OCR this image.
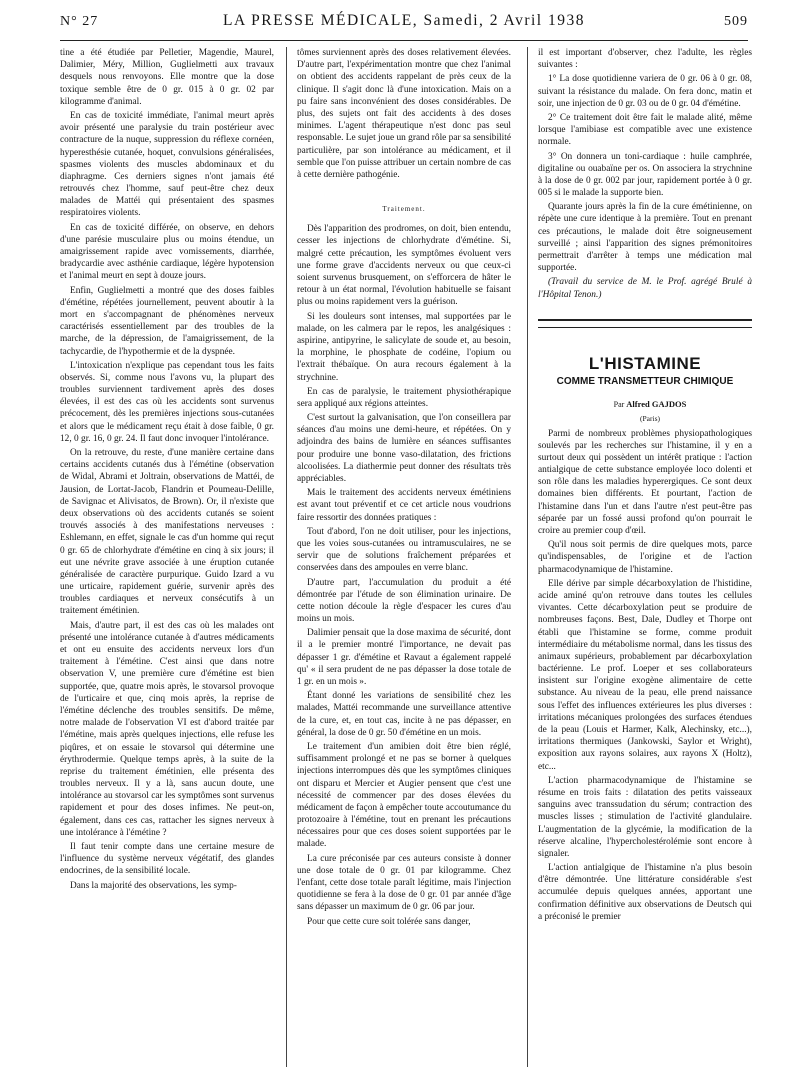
N° 27	LA PRESSE MÉDICALE, Samedi, 2 Avril 1938	509

tine a été étudiée par Pelletier, Magendie, Maurel, Dalimier, Méry, Million, Guglielmetti aux travaux desquels nous renvoyons. Elle montre que la dose toxique semble être de 0 gr. 015 à 0 gr. 02 par kilogramme d'animal.

En cas de toxicité immédiate, l'animal meurt après avoir présenté une paralysie du train postérieur avec contracture de la nuque, suppression du réflexe cornéen, hyperesthésie cutanée, hoquet, convulsions généralisées, spasmes violents des muscles abdominaux et du diaphragme. Ces derniers signes n'ont jamais été retrouvés chez l'homme, sauf peut-être chez deux malades de Mattéi qui présentaient des spasmes respiratoires violents.

En cas de toxicité différée, on observe, en dehors d'une parésie musculaire plus ou moins étendue, un amaigrissement rapide avec vomissements, diarrhée, bradycardie avec asthénie cardiaque, légère hypotension et l'animal meurt en sept à douze jours.

Enfin, Guglielmetti a montré que des doses faibles d'émétine, répétées journellement, peuvent aboutir à la mort en s'accompagnant de phénomènes nerveux caractérisés essentiellement par des troubles de la marche, de la dépression, de l'amaigrissement, de la tachycardie, de l'hypothermie et de la dyspnée.

L'intoxication n'explique pas cependant tous les faits observés. Si, comme nous l'avons vu, la plupart des troubles surviennent tardivement après des doses élevées, il est des cas où les accidents sont survenus précocement, dès les premières injections sous-cutanées et alors que le médicament reçu était à dose faible, 0 gr. 12, 0 gr. 16, 0 gr. 24. Il faut donc invoquer l'intolérance.

On la retrouve, du reste, d'une manière certaine dans certains accidents cutanés dus à l'émétine (observation de Widal, Abrami et Joltrain, observations de Mattéi, de Jausion, de Lortat-Jacob, Flandrin et Poumeau-Delille, de Savignac et Alivisatos, de Brown). Or, il n'existe que deux observations où des accidents cutanés se soient trouvés associés à des manifestations nerveuses : Eshlemann, en effet, signale le cas d'un homme qui reçut 0 gr. 65 de chlorhydrate d'émétine en cinq à six jours; il eut une névrite grave associée à une éruption cutanée généralisée de caractère purpurique. Guido Izard a vu une urticaire, rapidement guérie, survenir après des troubles cardiaques et nerveux consécutifs à un traitement émétinien.

Mais, d'autre part, il est des cas où les malades ont présenté une intolérance cutanée à d'autres médicaments et ont eu ensuite des accidents nerveux lors d'un traitement à l'émétine. C'est ainsi que dans notre observation V, une première cure d'émétine est bien supportée, que, quatre mois après, le stovarsol provoque de l'urticaire et que, cinq mois après, la reprise de l'émétine déclenche des troubles sensitifs. De même, notre malade de l'observation VI est d'abord traitée par l'émétine, mais après quelques injections, elle refuse les piqûres, et on essaie le stovarsol qui détermine une érythrodermie. Quelque temps après, à la suite de la reprise du traitement émétinien, elle présenta des troubles nerveux. Il y a là, sans aucun doute, une intolérance au stovarsol car les symptômes sont survenus rapidement et pour des doses infimes. Ne peut-on, également, dans ces cas, rattacher les signes nerveux à une intolérance à l'émétine ?

Il faut tenir compte dans une certaine mesure de l'influence du système nerveux végétatif, des glandes endocrines, de la sensibilité locale.

Dans la majorité des observations, les symp-

tômes surviennent après des doses relativement élevées. D'autre part, l'expérimentation montre que chez l'animal on obtient des accidents rappelant de près ceux de la clinique. Il s'agit donc là d'une intoxication. Mais on a pu faire sans inconvénient des doses considérables. De plus, des sujets ont fait des accidents à des doses minimes. L'agent thérapeutique n'est donc pas seul responsable. Le sujet joue un grand rôle par sa sensibilité particulière, par son intolérance au médicament, et il semble que l'on puisse attribuer un certain nombre de cas à cette dernière pathogénie.

Traitement.

Dès l'apparition des prodromes, on doit, bien entendu, cesser les injections de chlorhydrate d'émétine. Si, malgré cette précaution, les symptômes évoluent vers une forme grave d'accidents nerveux ou que ceux-ci soient survenus brusquement, on s'efforcera de hâter le retour à un état normal, l'évolution habituelle se faisant plus ou moins rapidement vers la guérison.

Si les douleurs sont intenses, mal supportées par le malade, on les calmera par le repos, les analgésiques : aspirine, antipyrine, le salicylate de soude et, au besoin, la morphine, le phosphate de codéine, l'opium ou l'extrait thébaïque. On aura recours également à la strychnine.

En cas de paralysie, le traitement physiothérapique sera appliqué aux régions atteintes.

C'est surtout la galvanisation, que l'on conseillera par séances d'au moins une demi-heure, et répétées. On y adjoindra des bains de lumière en séances suffisantes pour produire une bonne vaso-dilatation, des frictions alcoolisées. La diathermie peut donner des résultats très appréciables.

Mais le traitement des accidents nerveux émétiniens est avant tout préventif et ce cet article nous voudrions faire ressortir des données pratiques :

Tout d'abord, l'on ne doit utiliser, pour les injections, que les voies sous-cutanées ou intramusculaires, ne se servir que de solutions fraîchement préparées et conservées dans des ampoules en verre blanc.

D'autre part, l'accumulation du produit a été démontrée par l'étude de son élimination urinaire. De cette notion découle la règle d'espacer les cures d'au moins un mois.

Dalimier pensait que la dose maxima de sécurité, dont il a le premier montré l'importance, ne devait pas dépasser 1 gr. d'émétine et Ravaut a également rappelé qu' « il sera prudent de ne pas dépasser la dose totale de 1 gr. en un mois ».

Étant donné les variations de sensibilité chez les malades, Mattéi recommande une surveillance attentive de la cure, et, en tout cas, incite à ne pas dépasser, en général, la dose de 0 gr. 50 d'émétine en un mois.

Le traitement d'un amibien doit être bien réglé, suffisamment prolongé et ne pas se borner à quelques injections interrompues dès que les symptômes cliniques ont disparu et Mercier et Augier pensent que c'est une nécessité de commencer par des doses élevées du médicament de façon à empêcher toute accoutumance du protozoaire à l'émétine, tout en prenant les précautions nécessaires pour que ces doses soient supportées par le malade.

La cure préconisée par ces auteurs consiste à donner une dose totale de 0 gr. 01 par kilogramme. Chez l'enfant, cette dose totale paraît légitime, mais l'injection quotidienne se fera à la dose de 0 gr. 01 par année d'âge sans dépasser un maximum de 0 gr. 06 par jour.

Pour que cette cure soit tolérée sans danger,

il est important d'observer, chez l'adulte, les règles suivantes :

1° La dose quotidienne variera de 0 gr. 06 à 0 gr. 08, suivant la résistance du malade. On fera donc, matin et soir, une injection de 0 gr. 03 ou de 0 gr. 04 d'émétine.

2° Ce traitement doit être fait le malade alité, même lorsque l'amibiase est compatible avec une existence normale.

3° On donnera un toni-cardiaque : huile camphrée, digitaline ou ouabaïne per os. On associera la strychnine à la dose de 0 gr. 002 par jour, rapidement portée à 0 gr. 005 si le malade la supporte bien.

Quarante jours après la fin de la cure émétinienne, on répète une cure identique à la première. Tout en prenant ces précautions, le malade doit être soigneusement surveillé ; ainsi l'apparition des signes prémonitoires permettrait d'arrêter à temps une médication mal supportée.

(Travail du service de M. le Prof. agrégé Brulé à l'Hôpital Tenon.)

L'HISTAMINE
COMME TRANSMETTEUR CHIMIQUE

Par Alfred GAJDOS

(Paris)

Parmi de nombreux problèmes physiopathologiques soulevés par les recherches sur l'histamine, il y en a surtout deux qui possèdent un intérêt pratique : l'action antialgique de cette substance employée loco dolenti et son rôle dans les maladies hyperergiques. Ce sont deux domaines bien différents. Et pourtant, l'action de l'histamine dans l'un et dans l'autre n'est peut-être pas séparée par un fossé aussi profond qu'on pourrait le croire au premier coup d'œil.

Qu'il nous soit permis de dire quelques mots, parce qu'indispensables, de l'origine et de l'action pharmacodynamique de l'histamine.

Elle dérive par simple décarboxylation de l'histidine, acide aminé qu'on retrouve dans toutes les cellules vivantes. Cette décarboxylation peut se produire de nombreuses façons. Best, Dale, Dudley et Thorpe ont établi que l'histamine se forme, comme produit intermédiaire du métabolisme normal, dans les tissus des animaux supérieurs, probablement par décarboxylation bactérienne. Le prof. Loeper et ses collaborateurs insistent sur l'origine exogène alimentaire de cette substance. Au niveau de la peau, elle prend naissance sous l'effet des influences extérieures les plus diverses : irritations mécaniques prolongées des surfaces étendues de la peau (Louis et Harmer, Kalk, Alechinsky, etc...), irritations thermiques (Jankowski, Saylor et Wright), exposition aux rayons solaires, aux rayons X (Holtz), etc...

L'action pharmacodynamique de l'histamine se résume en trois faits : dilatation des petits vaisseaux sanguins avec transsudation du sérum; contraction des muscles lisses ; stimulation de l'activité glandulaire. L'augmentation de la glycémie, la modification de la réserve alcaline, l'hypercholestérolémie sont encore à signaler.

L'action antialgique de l'histamine n'a plus besoin d'être démontrée. Une littérature considérable s'est accumulée depuis quelques années, apportant une confirmation définitive aux observations de Deutsch qui a préconisé le premier
